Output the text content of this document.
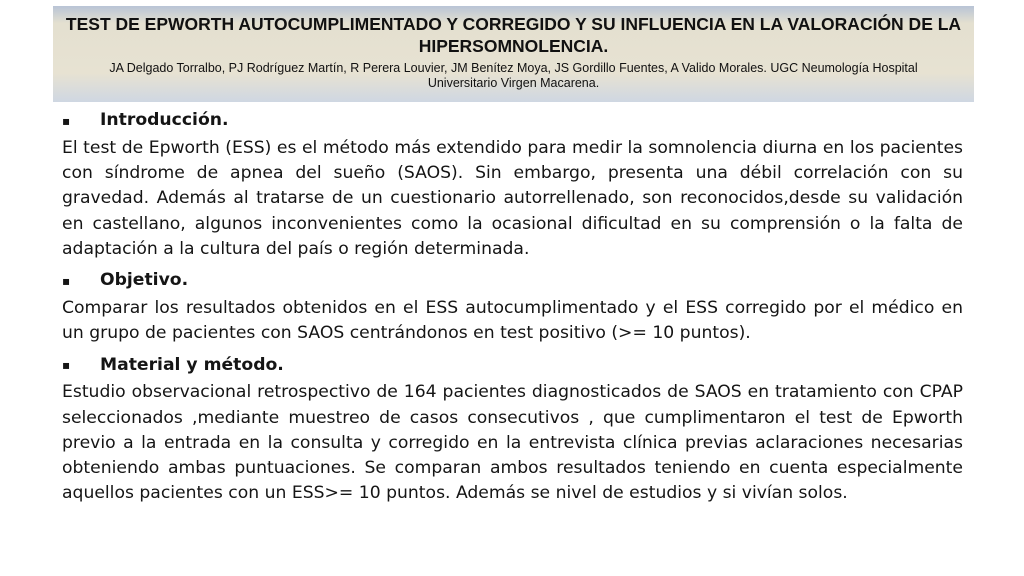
TEST DE EPWORTH AUTOCUMPLIMENTADO Y CORREGIDO Y SU INFLUENCIA EN LA VALORACIÓN DE LA HIPERSOMNOLENCIA.

JA Delgado Torralbo, PJ Rodríguez Martín, R Perera Louvier, JM Benítez Moya, JS Gordillo Fuentes, A Valido Morales. UGC Neumología Hospital Universitario Virgen Macarena.

▪	Introducción.

El test de Epworth (ESS) es el método más extendido para medir la somnolencia diurna en los pacientes con síndrome de apnea del sueño (SAOS). Sin embargo, presenta una débil correlación con su gravedad. Además al tratarse de un cuestionario autorrellenado, son reconocidos,desde su validación en castellano, algunos inconvenientes como la ocasional dificultad en su comprensión o la falta de adaptación a la cultura del país o región determinada.

▪	Objetivo.

Comparar los resultados obtenidos en el ESS autocumplimentado y el ESS corregido por el médico en un grupo de pacientes con SAOS centrándonos en test positivo (>= 10 puntos).

▪	Material y método.

Estudio observacional retrospectivo de 164 pacientes diagnosticados de SAOS en tratamiento con CPAP seleccionados ,mediante muestreo de casos consecutivos , que cumplimentaron el test de Epworth previo a la entrada en la consulta y corregido en la entrevista clínica previas aclaraciones necesarias obteniendo ambas puntuaciones. Se comparan ambos resultados teniendo en cuenta especialmente aquellos pacientes con un ESS>= 10 puntos. Además se nivel de estudios y si vivían solos.
